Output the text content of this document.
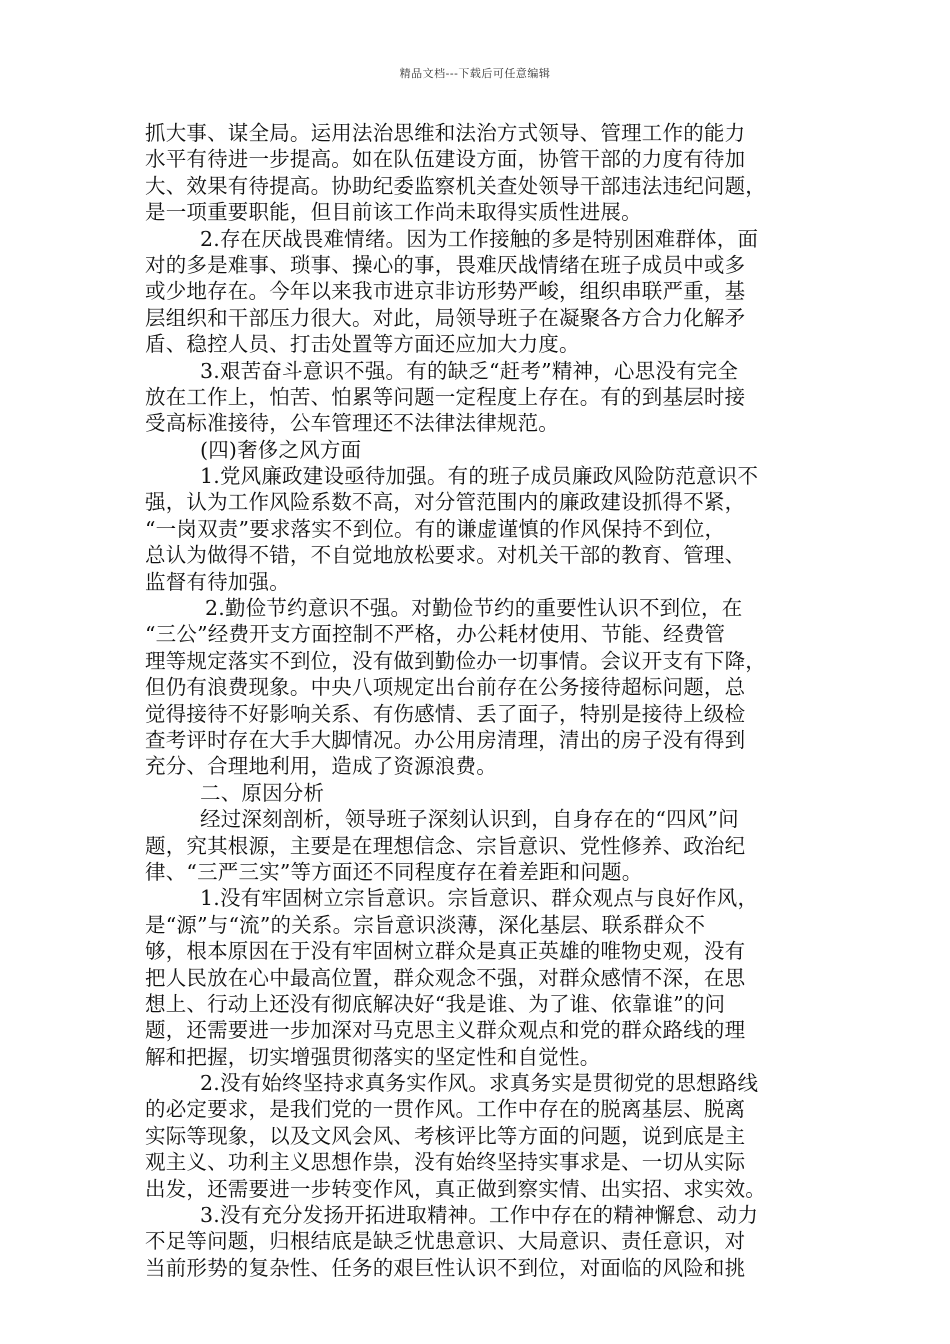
精品文档---下载后可任意编辑
抓大事、谋全局。运用法治思维和法治方式领导、管理工作的能力
水平有待进一步提高。如在队伍建设方面，协管干部的力度有待加
大、效果有待提高。协助纪委监察机关查处领导干部违法违纪问题，
是一项重要职能，但目前该工作尚未取得实质性进展。
2.存在厌战畏难情绪。因为工作接触的多是特别困难群体，面
对的多是难事、琐事、操心的事，畏难厌战情绪在班子成员中或多
或少地存在。今年以来我市进京非访形势严峻，组织串联严重，基
层组织和干部压力很大。对此，局领导班子在凝聚各方合力化解矛
盾、稳控人员、打击处置等方面还应加大力度。
3.艰苦奋斗意识不强。有的缺乏“赶考”精神，心思没有完全
放在工作上，怕苦、怕累等问题一定程度上存在。有的到基层时接
受高标准接待，公车管理还不法律法律规范。
(四)奢侈之风方面
1.党风廉政建设亟待加强。有的班子成员廉政风险防范意识不
强，认为工作风险系数不高，对分管范围内的廉政建设抓得不紧，
“一岗双责”要求落实不到位。有的谦虚谨慎的作风保持不到位，
总认为做得不错，不自觉地放松要求。对机关干部的教育、管理、
监督有待加强。
2.勤俭节约意识不强。对勤俭节约的重要性认识不到位，在
“三公”经费开支方面控制不严格，办公耗材使用、节能、经费管
理等规定落实不到位，没有做到勤俭办一切事情。会议开支有下降，
但仍有浪费现象。中央八项规定出台前存在公务接待超标问题，总
觉得接待不好影响关系、有伤感情、丢了面子，特别是接待上级检
查考评时存在大手大脚情况。办公用房清理，清出的房子没有得到
充分、合理地利用，造成了资源浪费。
二、原因分析
经过深刻剖析，领导班子深刻认识到，自身存在的“四风”问
题，究其根源，主要是在理想信念、宗旨意识、党性修养、政治纪
律、“三严三实”等方面还不同程度存在着差距和问题。
1.没有牢固树立宗旨意识。宗旨意识、群众观点与良好作风，
是“源”与“流”的关系。宗旨意识淡薄，深化基层、联系群众不
够，根本原因在于没有牢固树立群众是真正英雄的唯物史观，没有
把人民放在心中最高位置，群众观念不强，对群众感情不深，在思
想上、行动上还没有彻底解决好“我是谁、为了谁、依靠谁”的问
题，还需要进一步加深对马克思主义群众观点和党的群众路线的理
解和把握，切实增强贯彻落实的坚定性和自觉性。
2.没有始终坚持求真务实作风。求真务实是贯彻党的思想路线
的必定要求，是我们党的一贯作风。工作中存在的脱离基层、脱离
实际等现象，以及文风会风、考核评比等方面的问题，说到底是主
观主义、功利主义思想作祟，没有始终坚持实事求是、一切从实际
出发，还需要进一步转变作风，真正做到察实情、出实招、求实效。
3.没有充分发扬开拓进取精神。工作中存在的精神懈怠、动力
不足等问题，归根结底是缺乏忧患意识、大局意识、责任意识，对
当前形势的复杂性、任务的艰巨性认识不到位，对面临的风险和挑
